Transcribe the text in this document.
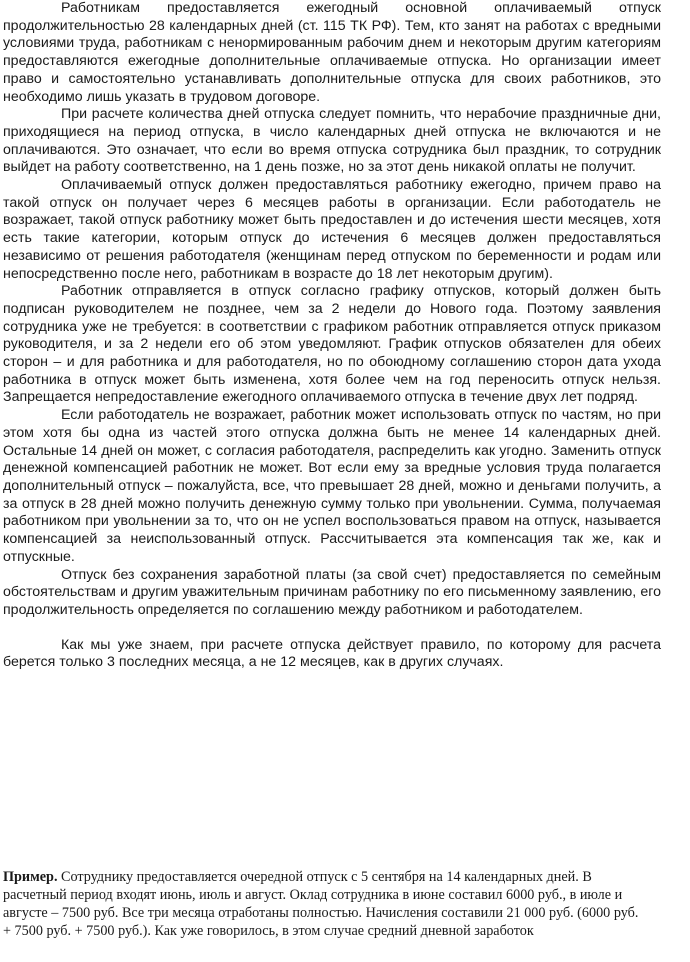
Работникам предоставляется ежегодный основной оплачиваемый отпуск продолжительностью 28 календарных дней (ст. 115 ТК РФ). Тем, кто занят на работах с вредными условиями труда, работникам с ненормированным рабочим днем и некоторым другим категориям предоставляются ежегодные дополнительные оплачиваемые отпуска. Но организации имеет право и самостоятельно устанавливать дополнительные отпуска для своих работников, это необходимо лишь указать в трудовом договоре.

При расчете количества дней отпуска следует помнить, что нерабочие праздничные дни, приходящиеся на период отпуска, в число календарных дней отпуска не включаются и не оплачиваются. Это означает, что если во время отпуска сотрудника был праздник, то сотрудник выйдет на работу соответственно, на 1 день позже, но за этот день никакой оплаты не получит.

Оплачиваемый отпуск должен предоставляться работнику ежегодно, причем право на такой отпуск он получает через 6 месяцев работы в организации. Если работодатель не возражает, такой отпуск работнику может быть предоставлен и до истечения шести месяцев, хотя есть такие категории, которым отпуск до истечения 6 месяцев должен предоставляться независимо от решения работодателя (женщинам перед отпуском по беременности и родам или непосредственно после него, работникам в возрасте до 18 лет некоторым другим).

Работник отправляется в отпуск согласно графику отпусков, который должен быть подписан руководителем не позднее, чем за 2 недели до Нового года. Поэтому заявления сотрудника уже не требуется: в соответствии с графиком работник отправляется отпуск приказом руководителя, и за 2 недели его об этом уведомляют. График отпусков обязателен для обеих сторон – и для работника и для работодателя, но по обоюдному соглашению сторон дата ухода работника в отпуск может быть изменена, хотя более чем на год переносить отпуск нельзя. Запрещается непредоставление ежегодного оплачиваемого отпуска в течение двух лет подряд.

Если работодатель не возражает, работник может использовать отпуск по частям, но при этом хотя бы одна из частей этого отпуска должна быть не менее 14 календарных дней. Остальные 14 дней он может, с согласия работодателя, распределить как угодно. Заменить отпуск денежной компенсацией работник не может. Вот если ему за вредные условия труда полагается дополнительный отпуск – пожалуйста, все, что превышает 28 дней, можно и деньгами получить, а за отпуск в 28 дней можно получить денежную сумму только при увольнении. Сумма, получаемая работником при увольнении за то, что он не успел воспользоваться правом на отпуск, называется компенсацией за неиспользованный отпуск. Рассчитывается эта компенсация так же, как и отпускные.

Отпуск без сохранения заработной платы (за свой счет) предоставляется по семейным обстоятельствам и другим уважительным причинам работнику по его письменному заявлению, его продолжительность определяется по соглашению между работником и работодателем.

Как мы уже знаем, при расчете отпуска действует правило, по которому для расчета берется только 3 последних месяца, а не 12 месяцев, как в других случаях.

Пример. Сотруднику предоставляется очередной отпуск с 5 сентября на 14 календарных дней. В расчетный период входят июнь, июль и август. Оклад сотрудника в июне составил 6000 руб., в июле и августе – 7500 руб. Все три месяца отработаны полностью. Начисления составили 21 000 руб. (6000 руб. + 7500 руб. + 7500 руб.). Как уже говорилось, в этом случае средний дневной заработок
